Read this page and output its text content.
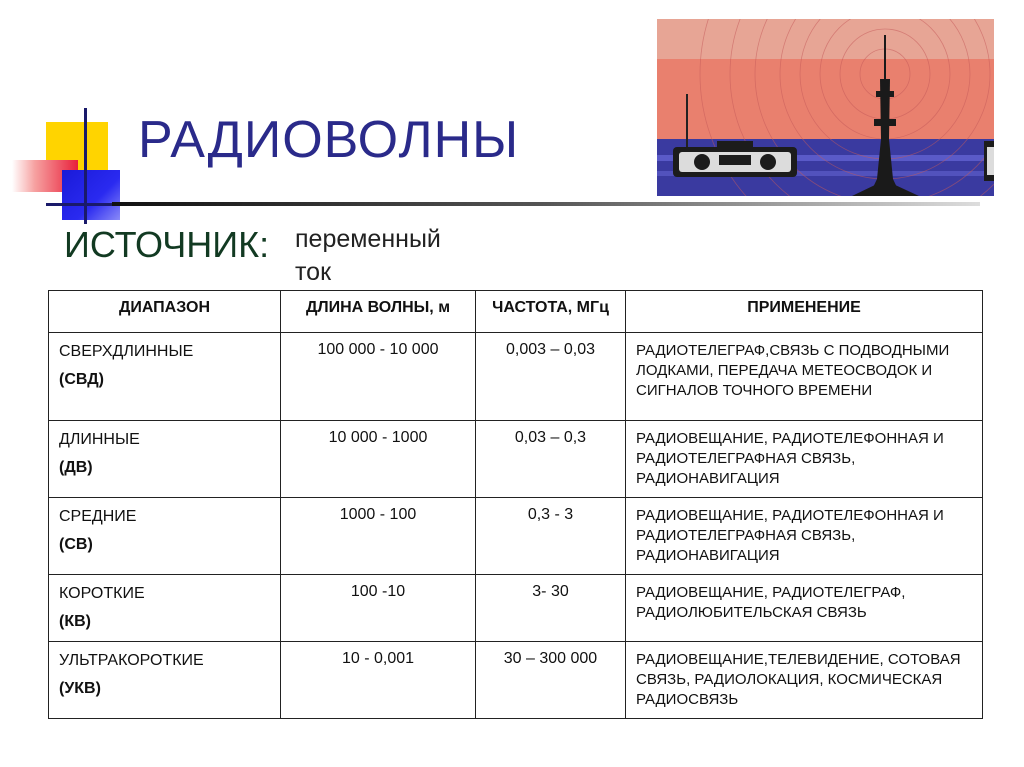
РАДИОВОЛНЫ
ИСТОЧНИК: переменный ток
ДИАПАЗОН	ДЛИНА ВОЛНЫ, м	ЧАСТОТА, МГц	ПРИМЕНЕНИЕ

СВЕРХДЛИННЫЕ
(СВД)	100 000 - 10 000	0,003 – 0,03	РАДИОТЕЛЕГРАФ,СВЯЗЬ С ПОДВОДНЫМИ ЛОДКАМИ, ПЕРЕДАЧА МЕТЕОСВОДОК И СИГНАЛОВ ТОЧНОГО ВРЕМЕНИ

ДЛИННЫЕ
(ДВ)	10 000 - 1000	0,03 – 0,3	РАДИОВЕЩАНИЕ, РАДИОТЕЛЕФОННАЯ И РАДИОТЕЛЕГРАФНАЯ СВЯЗЬ, РАДИОНАВИГАЦИЯ

СРЕДНИЕ
(СВ)	1000 - 100	0,3 - 3	РАДИОВЕЩАНИЕ, РАДИОТЕЛЕФОННАЯ И РАДИОТЕЛЕГРАФНАЯ СВЯЗЬ, РАДИОНАВИГАЦИЯ

КОРОТКИЕ
(КВ)	100 -10	3- 30	РАДИОВЕЩАНИЕ, РАДИОТЕЛЕГРАФ, РАДИОЛЮБИТЕЛЬСКАЯ СВЯЗЬ

УЛЬТРАКОРОТКИЕ
(УКВ)	10 - 0,001	30 – 300 000	РАДИОВЕЩАНИЕ,ТЕЛЕВИДЕНИЕ, СОТОВАЯ СВЯЗЬ, РАДИОЛОКАЦИЯ, КОСМИЧЕСКАЯ РАДИОСВЯЗЬ
